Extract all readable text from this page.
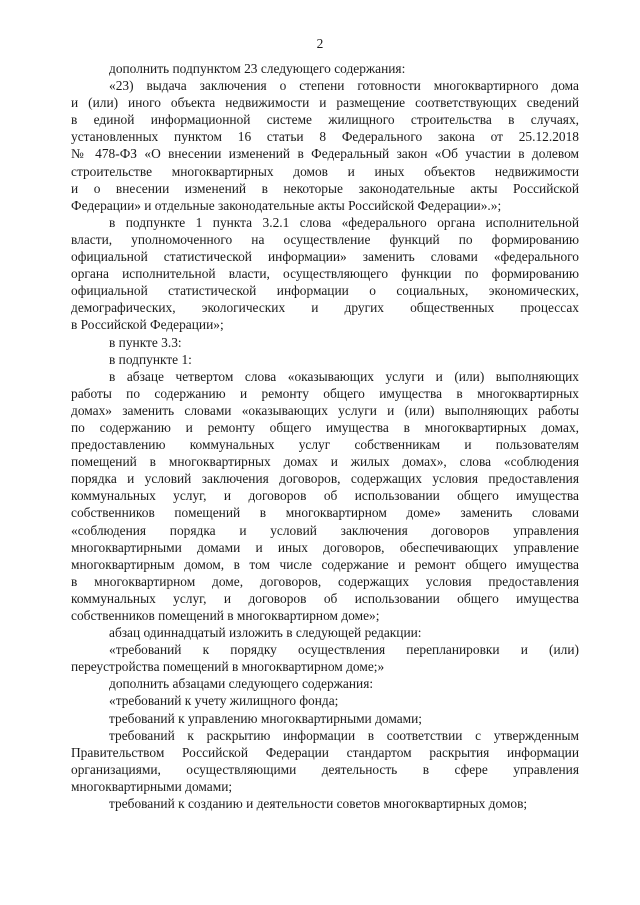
2
дополнить подпунктом 23 следующего содержания:
«23) выдача заключения о степени готовности многоквартирного дома
и (или) иного объекта недвижимости и размещение соответствующих сведений
в единой информационной системе жилищного строительства в случаях,
установленных пунктом 16 статьи 8 Федерального закона от 25.12.2018
№ 478-ФЗ «О внесении изменений в Федеральный закон «Об участии в долевом
строительстве многоквартирных домов и иных объектов недвижимости
и о внесении изменений в некоторые законодательные акты Российской
Федерации» и отдельные законодательные акты Российской Федерации».»;
в подпункте 1 пункта 3.2.1 слова «федерального органа исполнительной
власти, уполномоченного на осуществление функций по формированию
официальной статистической информации» заменить словами «федерального
органа исполнительной власти, осуществляющего функции по формированию
официальной статистической информации о социальных, экономических,
демографических, экологических и других общественных процессах
в Российской Федерации»;
в пункте 3.3:
в подпункте 1:
в абзаце четвертом слова «оказывающих услуги и (или) выполняющих
работы по содержанию и ремонту общего имущества в многоквартирных
домах» заменить словами «оказывающих услуги и (или) выполняющих работы
по содержанию и ремонту общего имущества в многоквартирных домах,
предоставлению коммунальных услуг собственникам и пользователям
помещений в многоквартирных домах и жилых домах», слова «соблюдения
порядка и условий заключения договоров, содержащих условия предоставления
коммунальных услуг, и договоров об использовании общего имущества
собственников помещений в многоквартирном доме» заменить словами
«соблюдения порядка и условий заключения договоров управления
многоквартирными домами и иных договоров, обеспечивающих управление
многоквартирным домом, в том числе содержание и ремонт общего имущества
в многоквартирном доме, договоров, содержащих условия предоставления
коммунальных услуг, и договоров об использовании общего имущества
собственников помещений в многоквартирном доме»;
абзац одиннадцатый изложить в следующей редакции:
«требований к порядку осуществления перепланировки и (или)
переустройства помещений в многоквартирном доме;»
дополнить абзацами следующего содержания:
«требований к учету жилищного фонда;
требований к управлению многоквартирными домами;
требований к раскрытию информации в соответствии с утвержденным
Правительством Российской Федерации стандартом раскрытия информации
организациями, осуществляющими деятельность в сфере управления
многоквартирными домами;
требований к созданию и деятельности советов многоквартирных домов;
